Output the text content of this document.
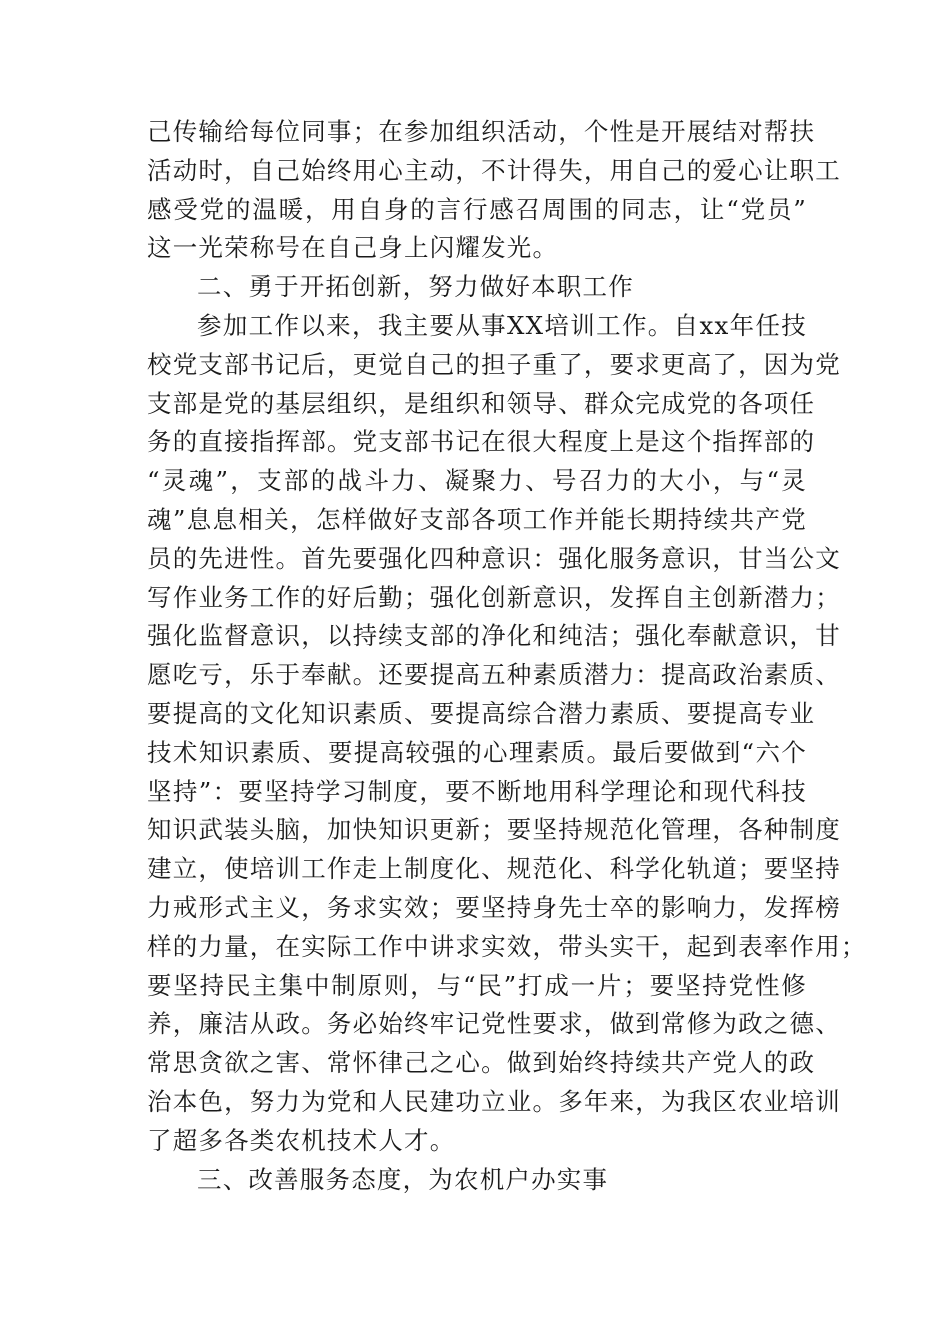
己传输给每位同事；在参加组织活动，个性是开展结对帮扶
活动时，自己始终用心主动，不计得失，用自己的爱心让职工
感受党的温暖，用自身的言行感召周围的同志，让“党员”
这一光荣称号在自己身上闪耀发光。
二、勇于开拓创新，努力做好本职工作
参加工作以来，我主要从事XX培训工作。自xx年任技
校党支部书记后，更觉自己的担子重了，要求更高了，因为党
支部是党的基层组织，是组织和领导、群众完成党的各项任
务的直接指挥部。党支部书记在很大程度上是这个指挥部的
“灵魂”，支部的战斗力、凝聚力、号召力的大小，与“灵
魂”息息相关，怎样做好支部各项工作并能长期持续共产党
员的先进性。首先要强化四种意识：强化服务意识，甘当公文
写作业务工作的好后勤；强化创新意识，发挥自主创新潜力；
强化监督意识，以持续支部的净化和纯洁；强化奉献意识，甘
愿吃亏，乐于奉献。还要提高五种素质潜力：提高政治素质、
要提高的文化知识素质、要提高综合潜力素质、要提高专业
技术知识素质、要提高较强的心理素质。最后要做到“六个
坚持”：要坚持学习制度，要不断地用科学理论和现代科技
知识武装头脑，加快知识更新；要坚持规范化管理，各种制度
建立，使培训工作走上制度化、规范化、科学化轨道；要坚持
力戒形式主义，务求实效；要坚持身先士卒的影响力，发挥榜
样的力量，在实际工作中讲求实效，带头实干，起到表率作用；
要坚持民主集中制原则，与“民”打成一片；要坚持党性修
养，廉洁从政。务必始终牢记党性要求，做到常修为政之德、
常思贪欲之害、常怀律己之心。做到始终持续共产党人的政
治本色，努力为党和人民建功立业。多年来，为我区农业培训
了超多各类农机技术人才。
三、改善服务态度，为农机户办实事
